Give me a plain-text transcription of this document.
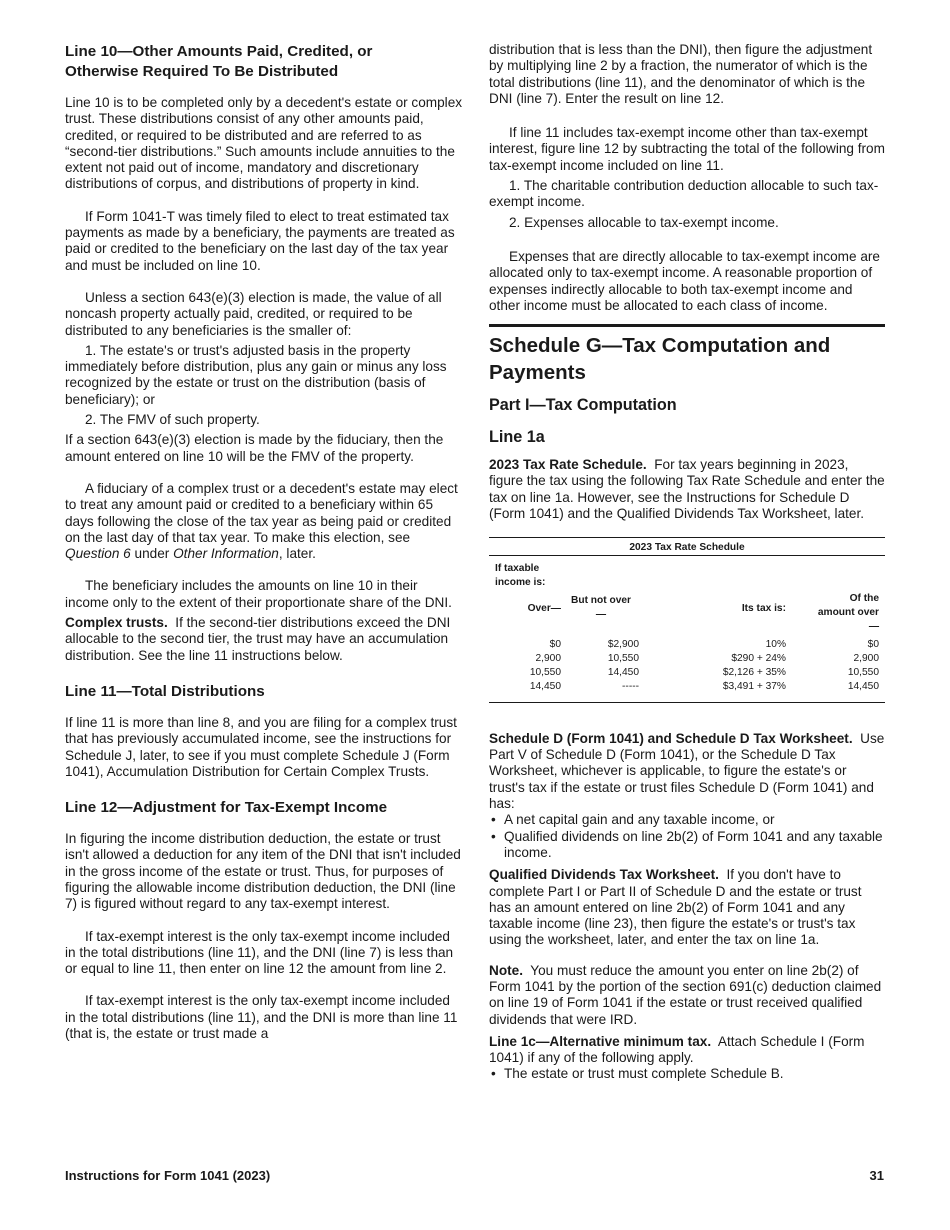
Line 10—Other Amounts Paid, Credited, or
Otherwise Required To Be Distributed

Line 10 is to be completed only by a decedent's estate or complex trust. These distributions consist of any other amounts paid, credited, or required to be distributed and are referred to as “second-tier distributions.” Such amounts include annuities to the extent not paid out of income, mandatory and discretionary distributions of corpus, and distributions of property in kind.

If Form 1041-T was timely filed to elect to treat estimated tax payments as made by a beneficiary, the payments are treated as paid or credited to the beneficiary on the last day of the tax year and must be included on line 10.

Unless a section 643(e)(3) election is made, the value of all noncash property actually paid, credited, or required to be distributed to any beneficiaries is the smaller of:

1. The estate's or trust's adjusted basis in the property immediately before distribution, plus any gain or minus any loss recognized by the estate or trust on the distribution (basis of beneficiary); or

2. The FMV of such property.

If a section 643(e)(3) election is made by the fiduciary, then the amount entered on line 10 will be the FMV of the property.

A fiduciary of a complex trust or a decedent's estate may elect to treat any amount paid or credited to a beneficiary within 65 days following the close of the tax year as being paid or credited on the last day of that tax year. To make this election, see Question 6 under Other Information, later.

The beneficiary includes the amounts on line 10 in their income only to the extent of their proportionate share of the DNI.

Complex trusts. If the second-tier distributions exceed the DNI allocable to the second tier, the trust may have an accumulation distribution. See the line 11 instructions below.

Line 11—Total Distributions

If line 11 is more than line 8, and you are filing for a complex trust that has previously accumulated income, see the instructions for Schedule J, later, to see if you must complete Schedule J (Form 1041), Accumulation Distribution for Certain Complex Trusts.

Line 12—Adjustment for Tax-Exempt Income

In figuring the income distribution deduction, the estate or trust isn't allowed a deduction for any item of the DNI that isn't included in the gross income of the estate or trust. Thus, for purposes of figuring the allowable income distribution deduction, the DNI (line 7) is figured without regard to any tax-exempt interest.

If tax-exempt interest is the only tax-exempt income included in the total distributions (line 11), and the DNI (line 7) is less than or equal to line 11, then enter on line 12 the amount from line 2.

If tax-exempt interest is the only tax-exempt income included in the total distributions (line 11), and the DNI is more than line 11 (that is, the estate or trust made a

distribution that is less than the DNI), then figure the adjustment by multiplying line 2 by a fraction, the numerator of which is the total distributions (line 11), and the denominator of which is the DNI (line 7). Enter the result on line 12.

If line 11 includes tax-exempt income other than tax-exempt interest, figure line 12 by subtracting the total of the following from tax-exempt income included on line 11.

1. The charitable contribution deduction allocable to such tax-exempt income.

2. Expenses allocable to tax-exempt income.

Expenses that are directly allocable to tax-exempt income are allocated only to tax-exempt income. A reasonable proportion of expenses indirectly allocable to both tax-exempt income and other income must be allocated to each class of income.

Schedule G—Tax Computation and
Payments

Part I—Tax Computation

Line 1a

2023 Tax Rate Schedule. For tax years beginning in 2023, figure the tax using the following Tax Rate Schedule and enter the tax on line 1a. However, see the Instructions for Schedule D (Form 1041) and the Qualified Dividends Tax Worksheet, later.

2023 Tax Rate Schedule			
If taxable
income is:			
Over—	But not over
—	Its tax is:	Of the
amount over
—
$0	$2,900	10%	$0
2,900	10,550	$290 + 24%	2,900
10,550	14,450	$2,126 + 35%	10,550
14,450	-----	$3,491 + 37%	14,450

Schedule D (Form 1041) and Schedule D Tax Worksheet. Use Part V of Schedule D (Form 1041), or the Schedule D Tax Worksheet, whichever is applicable, to figure the estate's or trust's tax if the estate or trust files Schedule D (Form 1041) and has:

• A net capital gain and any taxable income, or

• Qualified dividends on line 2b(2) of Form 1041 and any taxable income.

Qualified Dividends Tax Worksheet. If you don't have to complete Part I or Part II of Schedule D and the estate or trust has an amount entered on line 2b(2) of Form 1041 and any taxable income (line 23), then figure the estate's or trust's tax using the worksheet, later, and enter the tax on line 1a.

Note. You must reduce the amount you enter on line 2b(2) of Form 1041 by the portion of the section 691(c) deduction claimed on line 19 of Form 1041 if the estate or trust received qualified dividends that were IRD.

Line 1c—Alternative minimum tax. Attach Schedule I (Form 1041) if any of the following apply.

• The estate or trust must complete Schedule B.

Instructions for Form 1041 (2023)	31
